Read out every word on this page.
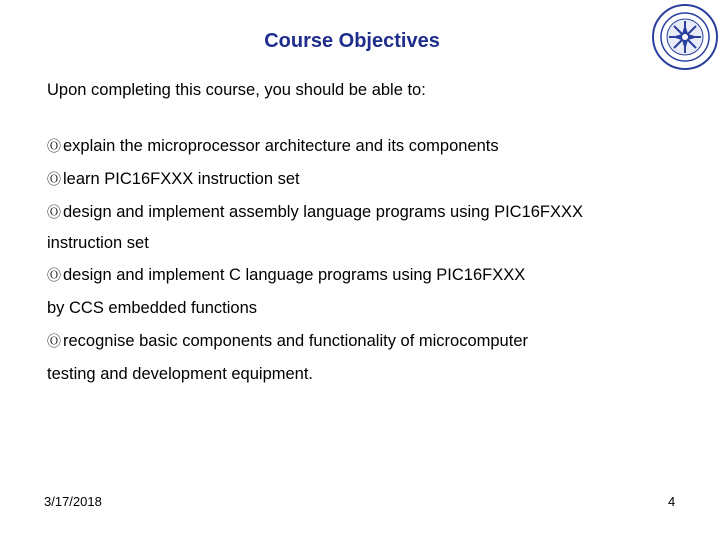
Course Objectives
Upon completing this course, you should be able to:
Ⓞ explain the microprocessor architecture and its components
Ⓞ learn PIC16FXXX instruction set
Ⓞ design and implement assembly language programs using PIC16FXXX
instruction set
Ⓞ design and implement C language programs using PIC16FXXX
by CCS embedded functions
Ⓞ recognise basic components and functionality of microcomputer
testing and development equipment.
3/17/2018	4
